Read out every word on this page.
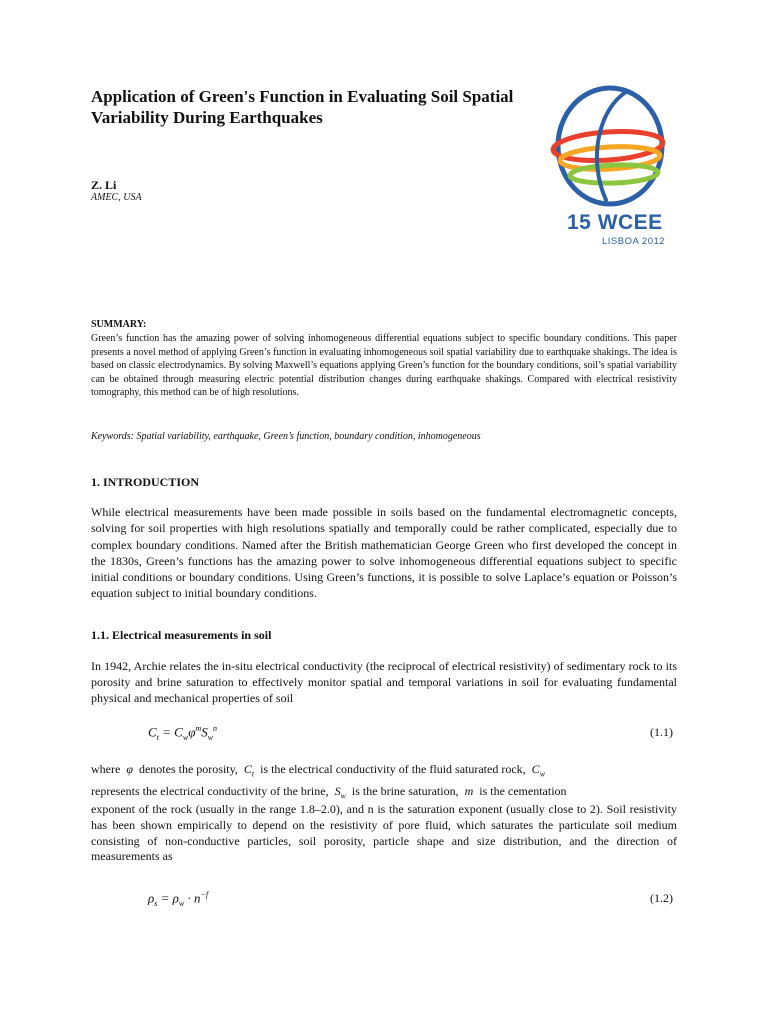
Application of Green's Function in Evaluating Soil Spatial Variability During Earthquakes
Z. Li
AMEC, USA
15 WCEE
LISBOA 2012
SUMMARY:

Green’s function has the amazing power of solving inhomogeneous differential equations subject to specific boundary conditions. This paper presents a novel method of applying Green’s function in evaluating inhomogeneous soil spatial variability due to earthquake shakings. The idea is based on classic electrodynamics. By solving Maxwell’s equations applying Green’s function for the boundary conditions, soil’s spatial variability can be obtained through measuring electric potential distribution changes during earthquake shakings. Compared with electrical resistivity tomography, this method can be of high resolutions.

Keywords: Spatial variability, earthquake, Green’s function, boundary condition, inhomogeneous

1. INTRODUCTION

While electrical measurements have been made possible in soils based on the fundamental electromagnetic concepts, solving for soil properties with high resolutions spatially and temporally could be rather complicated, especially due to complex boundary conditions. Named after the British mathematician George Green who first developed the concept in the 1830s, Green’s functions has the amazing power to solve inhomogeneous differential equations subject to specific initial conditions or boundary conditions. Using Green’s functions, it is possible to solve Laplace’s equation or Poisson’s equation subject to initial boundary conditions.

1.1. Electrical measurements in soil

In 1942, Archie relates the in-situ electrical conductivity (the reciprocal of electrical resistivity) of sedimentary rock to its porosity and brine saturation to effectively monitor spatial and temporal variations in soil for evaluating fundamental physical and mechanical properties of soil

$C_t = C_w\varphi^mS_w^n$	(1.1)
where φ denotes the porosity, $C_t$ is the electrical conductivity of the fluid saturated rock, $C_w$
represents the electrical conductivity of the brine, $S_w$ is the brine saturation, m is the cementation

exponent of the rock (usually in the range 1.8–2.0), and n is the saturation exponent (usually close to 2). Soil resistivity has been shown empirically to depend on the resistivity of pore fluid, which saturates the particulate soil medium consisting of non-conductive particles, soil porosity, particle shape and size distribution, and the direction of measurements as

$\rho_s = \rho_w \cdot n^{-f}$	(1.2)
